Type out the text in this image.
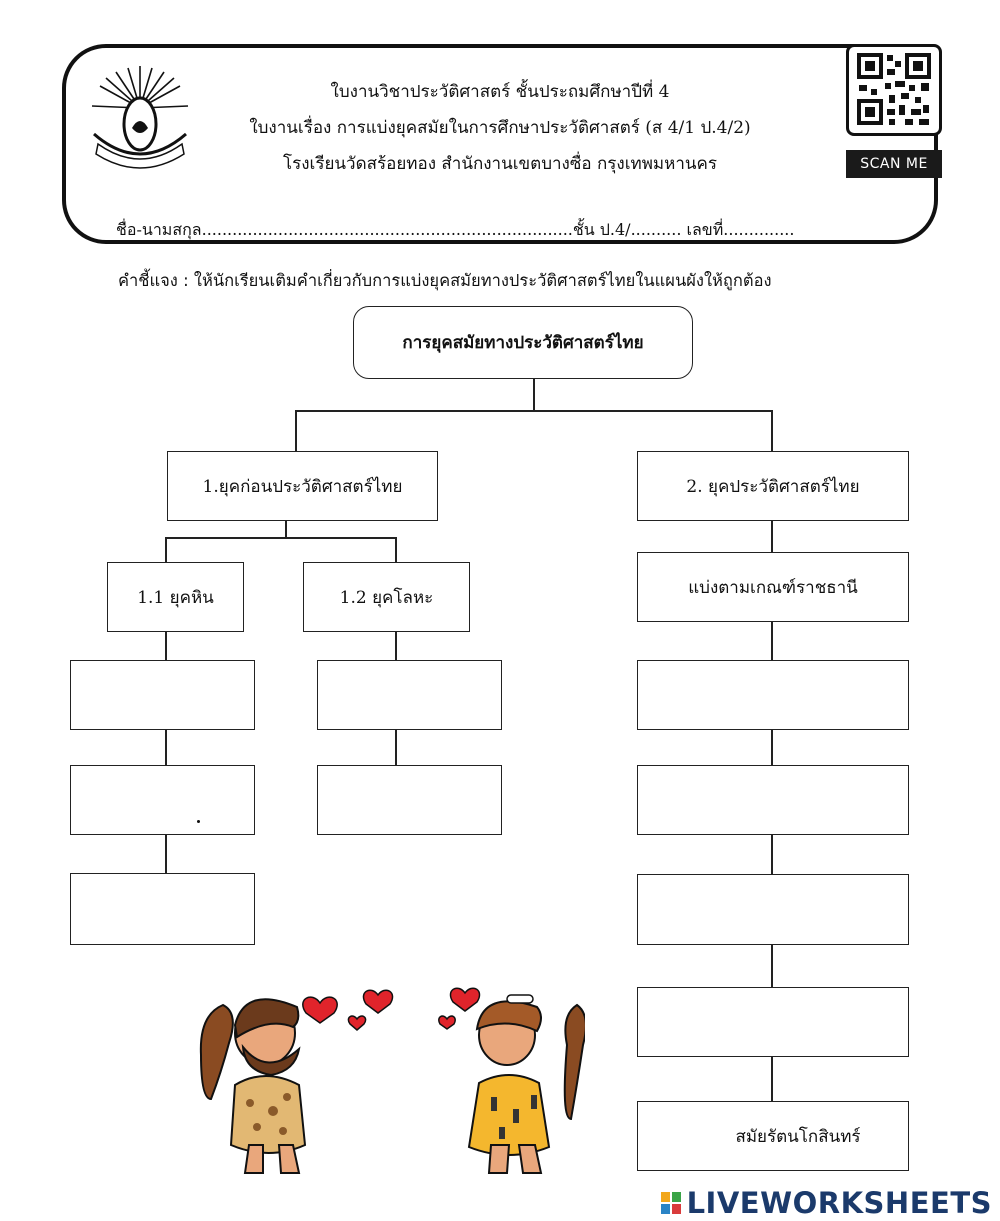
ใบงานวิชาประวัติศาสตร์ ชั้นประถมศึกษาปีที่ 4
ใบงานเรื่อง การแบ่งยุคสมัยในการศึกษาประวัติศาสตร์ (ส 4/1 ป.4/2)
โรงเรียนวัดสร้อยทอง สำนักงานเขตบางซื่อ กรุงเทพมหานคร
ชื่อ-นามสกุล.........................................................................ชั้น ป.4/.......... เลขที่..............
SCAN ME
คำชี้แจง : ให้นักเรียนเติมคำเกี่ยวกับการแบ่งยุคสมัยทางประวัติศาสตร์ไทยในแผนผังให้ถูกต้อง
การยุคสมัยทางประวัติศาสตร์ไทย
1.ยุคก่อนประวัติศาสตร์ไทย	2. ยุคประวัติศาสตร์ไทย
1.1 ยุคหิน	1.2 ยุคโลหะ	แบ่งตามเกณฑ์ราชธานี
สมัยรัตนโกสินทร์
LIVEWORKSHEETS
